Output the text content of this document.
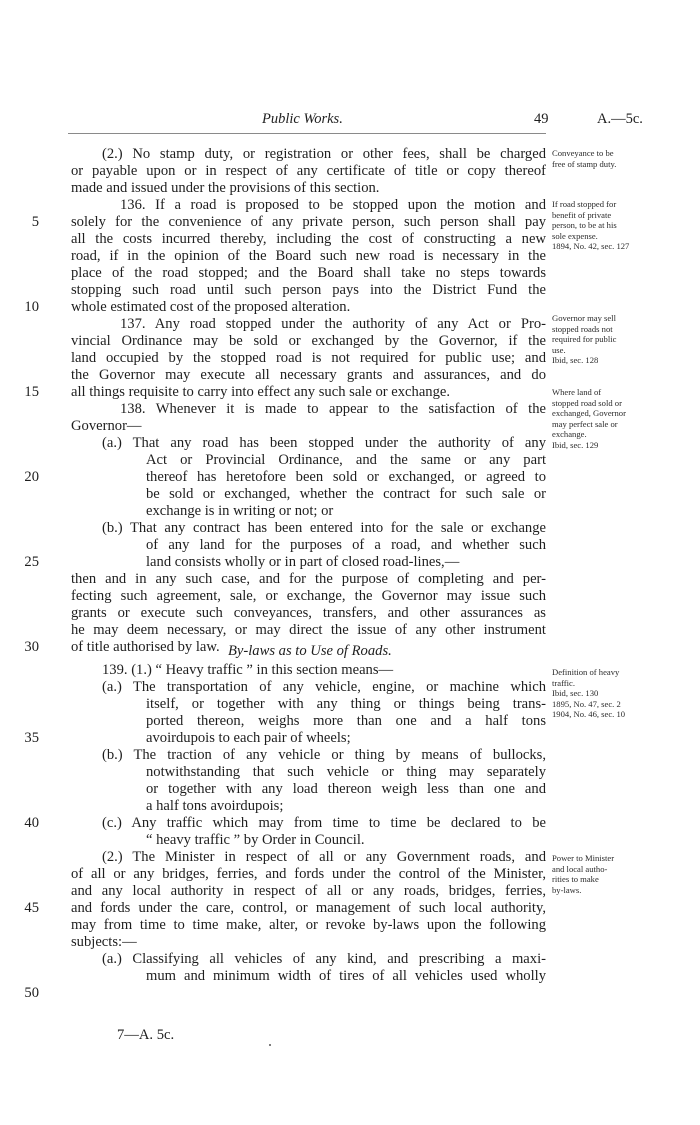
Public Works.	49	A.—5c.
(2.) No stamp duty, or registration or other fees, shall be charged
or payable upon or in respect of any certificate of title or copy thereof
made and issued under the provisions of this section.
136. If a road is proposed to be stopped upon the motion and
solely for the convenience of any private person, such person shall pay
all the costs incurred thereby, including the cost of constructing a new
road, if in the opinion of the Board such new road is necessary in the
place of the road stopped; and the Board shall take no steps towards
stopping such road until such person pays into the District Fund the
whole estimated cost of the proposed alteration.
137. Any road stopped under the authority of any Act or Pro-
vincial Ordinance may be sold or exchanged by the Governor, if the
land occupied by the stopped road is not required for public use; and
the Governor may execute all necessary grants and assurances, and do
all things requisite to carry into effect any such sale or exchange.
138. Whenever it is made to appear to the satisfaction of the
Governor—
(a.) That any road has been stopped under the authority of any
Act or Provincial Ordinance, and the same or any part
thereof has heretofore been sold or exchanged, or agreed to
be sold or exchanged, whether the contract for such sale or
exchange is in writing or not; or
(b.) That any contract has been entered into for the sale or exchange
of any land for the purposes of a road, and whether such
land consists wholly or in part of closed road-lines,—
then and in any such case, and for the purpose of completing and per-
fecting such agreement, sale, or exchange, the Governor may issue such
grants or execute such conveyances, transfers, and other assurances as
he may deem necessary, or may direct the issue of any other instrument
of title authorised by law.
139. (1.) “ Heavy traffic ” in this section means—
(a.) The transportation of any vehicle, engine, or machine which
itself, or together with any thing or things being trans-
ported thereon, weighs more than one and a half tons
avoirdupois to each pair of wheels;
(b.) The traction of any vehicle or thing by means of bullocks,
notwithstanding that such vehicle or thing may separately
or together with any load thereon weigh less than one and
a half tons avoirdupois;
(c.) Any traffic which may from time to time be declared to be
“ heavy traffic ” by Order in Council.
(2.) The Minister in respect of all or any Government roads, and
of all or any bridges, ferries, and fords under the control of the Minister,
and any local authority in respect of all or any roads, bridges, ferries,
and fords under the care, control, or management of such local authority,
may from time to time make, alter, or revoke by-laws upon the following
subjects:—
(a.) Classifying all vehicles of any kind, and prescribing a maxi-
mum and minimum width of tires of all vehicles used wholly
By-laws as to Use of Roads.
5
10
15
20
25
30
35
40
45
50
Conveyance to be
free of stamp duty.
If road stopped for
benefit of private
person, to be at his
sole expense.
1894, No. 42, sec. 127
Governor may sell
stopped roads not
required for public
use.
Ibid, sec. 128
Where land of
stopped road sold or
exchanged, Governor
may perfect sale or
exchange.
Ibid, sec. 129
Definition of heavy
traffic.
Ibid, sec. 130
1895, No. 47, sec. 2
1904, No. 46, sec. 10
Power to Minister
and local autho-
rities to make
by-laws.
7—A. 5c.
